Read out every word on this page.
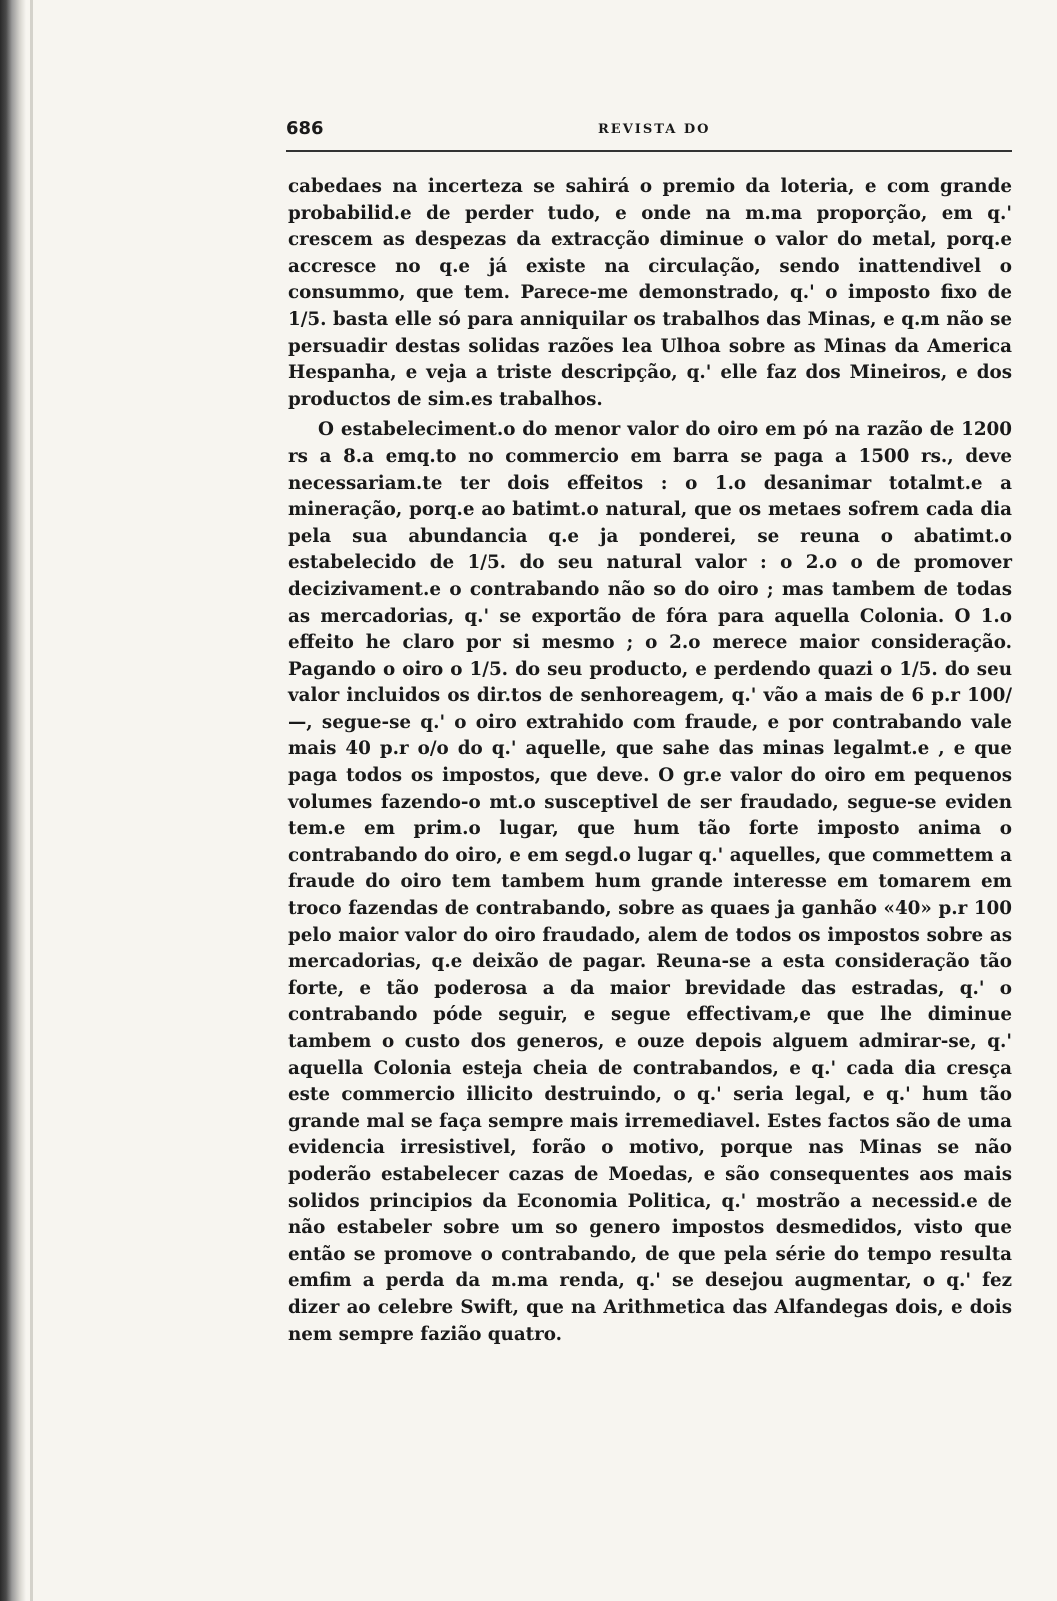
686	REVISTA DO

cabedaes na incerteza se sahirá o premio da loteria, e com grande probabilid.e de perder tudo, e onde na m.ma proporção, em q.' crescem as despezas da extracção diminue o valor do metal, porq.e accresce no q.e já existe na circulação, sendo inattendivel o consummo, que tem. Parece-me demonstrado, q.' o imposto fixo de 1/5. basta elle só para anniquilar os trabalhos das Minas, e q.m não se persuadir destas solidas razões lea Ulhoa sobre as Minas da America Hespanha, e veja a triste descripção, q.' elle faz dos Mineiros, e dos productos de sim.es trabalhos.

O estabeleciment.o do menor valor do oiro em pó na razão de 1200 rs a 8.a emq.to no commercio em barra se paga a 1500 rs., deve necessariam.te ter dois effeitos : o 1.o desanimar totalmt.e a mineração, porq.e ao batimt.o natural, que os metaes sofrem cada dia pela sua abundancia q.e ja ponderei, se reuna o abatimt.o estabelecido de 1/5. do seu natural valor : o 2.o o de promover decizivament.e o contrabando não so do oiro ; mas tambem de todas as mercadorias, q.' se exportão de fóra para aquella Colonia. O 1.o effeito he claro por si mesmo ; o 2.o merece maior consideração. Pagando o oiro o 1/5. do seu producto, e perdendo quazi o 1/5. do seu valor incluidos os dir.tos de senhoreagem, q.' vão a mais de 6 p.r 100/—, segue-se q.' o oiro extrahido com fraude, e por contrabando vale mais 40 p.r o/o do q.' aquelle, que sahe das minas legalmt.e , e que paga todos os impostos, que deve. O gr.e valor do oiro em pequenos volumes fazendo-o mt.o susceptivel de ser fraudado, segue-se eviden tem.e em prim.o lugar, que hum tão forte imposto anima o contrabando do oiro, e em segd.o lugar q.' aquelles, que commettem a fraude do oiro tem tambem hum grande interesse em tomarem em troco fazendas de contrabando, sobre as quaes ja ganhão «40» p.r 100 pelo maior valor do oiro fraudado, alem de todos os impostos sobre as mercadorias, q.e deixão de pagar. Reuna-se a esta consideração tão forte, e tão poderosa a da maior brevidade das estradas, q.' o contrabando póde seguir, e segue effectivam,e que lhe diminue tambem o custo dos generos, e ouze depois alguem admirar-se, q.' aquella Colonia esteja cheia de contrabandos, e q.' cada dia cresça este commercio illicito destruindo, o q.' seria legal, e q.' hum tão grande mal se faça sempre mais irremediavel. Estes factos são de uma evidencia irresistivel, forão o motivo, porque nas Minas se não poderão estabelecer cazas de Moedas, e são consequentes aos mais solidos principios da Economia Politica, q.' mostrão a necessid.e de não estabeler sobre um so genero impostos desmedidos, visto que então se promove o contrabando, de que pela série do tempo resulta emfim a perda da m.ma renda, q.' se desejou augmentar, o q.' fez dizer ao celebre Swift, que na Arithmetica das Alfandegas dois, e dois nem sempre fazião quatro.
